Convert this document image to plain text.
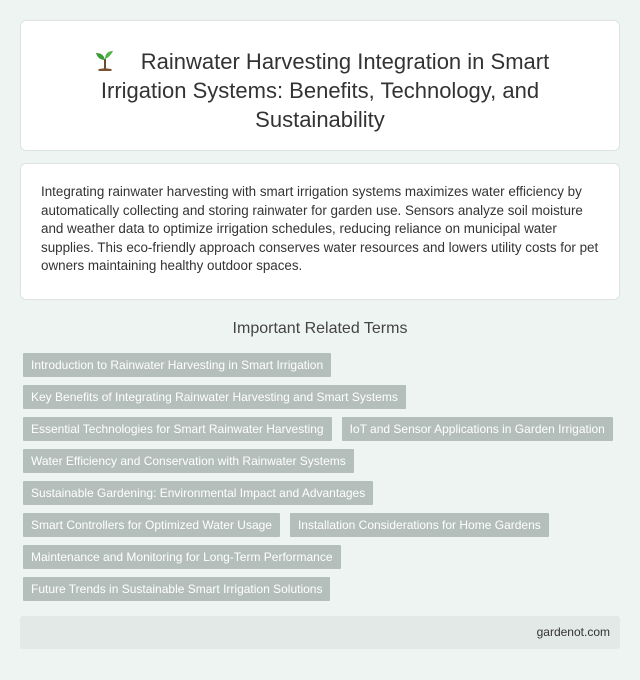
Rainwater Harvesting Integration in Smart Irrigation Systems: Benefits, Technology, and Sustainability

Integrating rainwater harvesting with smart irrigation systems maximizes water efficiency by automatically collecting and storing rainwater for garden use. Sensors analyze soil moisture and weather data to optimize irrigation schedules, reducing reliance on municipal water supplies. This eco-friendly approach conserves water resources and lowers utility costs for pet owners maintaining healthy outdoor spaces.

Important Related Terms
Introduction to Rainwater Harvesting in Smart Irrigation
Key Benefits of Integrating Rainwater Harvesting and Smart Systems
Essential Technologies for Smart Rainwater Harvesting	IoT and Sensor Applications in Garden Irrigation
Water Efficiency and Conservation with Rainwater Systems
Sustainable Gardening: Environmental Impact and Advantages
Smart Controllers for Optimized Water Usage	Installation Considerations for Home Gardens
Maintenance and Monitoring for Long-Term Performance
Future Trends in Sustainable Smart Irrigation Solutions
gardenot.com
